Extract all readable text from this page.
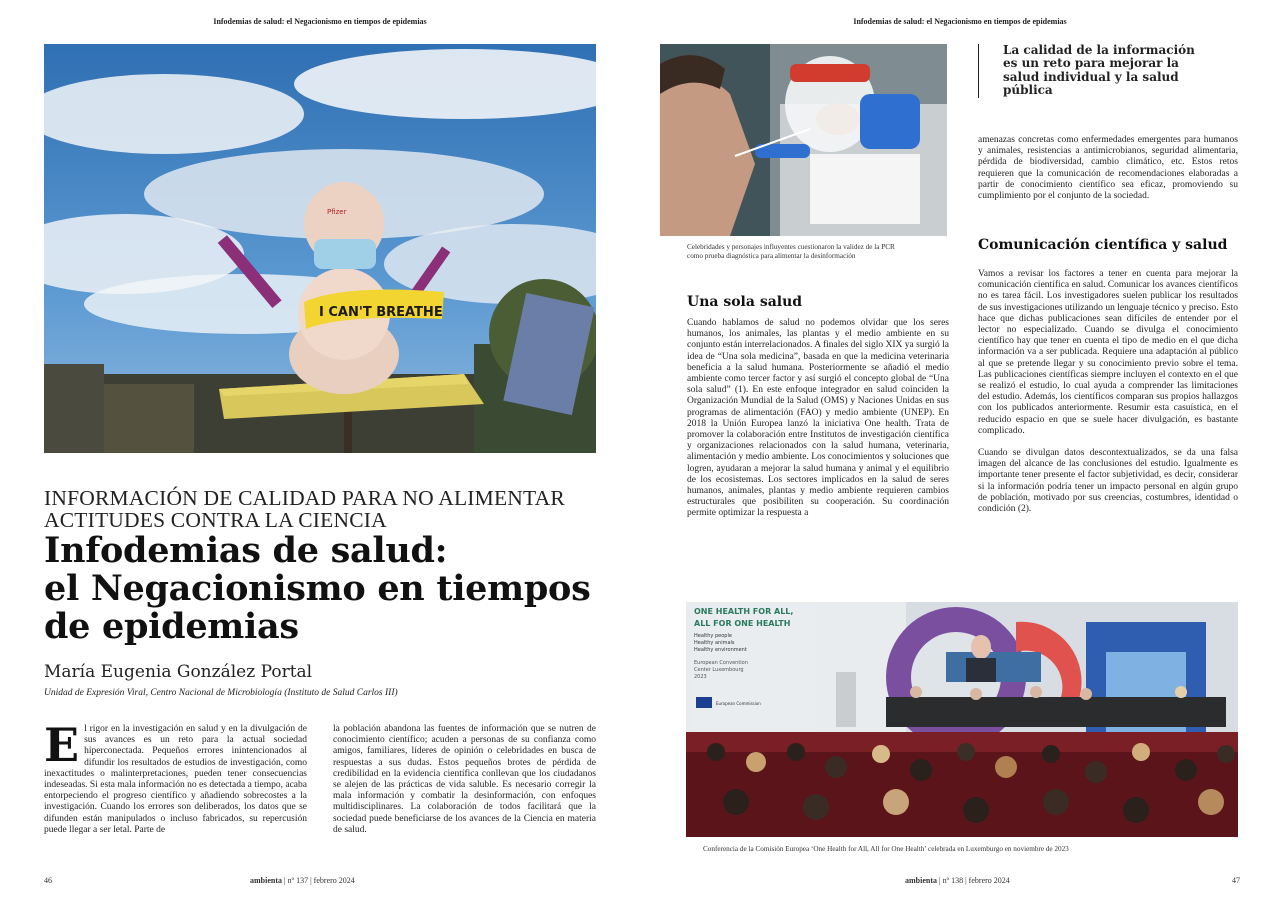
Infodemias de salud: el Negacionismo en tiempos de epidemias
I CAN'T BREATHE
Pfizer
INFORMACIÓN DE CALIDAD PARA NO ALIMENTAR ACTITUDES CONTRA LA CIENCIA
Infodemias de salud:
el Negacionismo en tiempos
de epidemias
María Eugenia González Portal
Unidad de Expresión Viral, Centro Nacional de Microbiología (Instituto de Salud Carlos III)
E l rigor en la investigación en salud y en la divulgación de sus avances es un reto para la actual sociedad hiperconectada. Pequeños errores inintencionados al difundir los resultados de estudios de investigación, como inexactitudes o malinterpretaciones, pueden tener consecuencias indeseadas. Si esta mala información no es detectada a tiempo, acaba entorpeciendo el progreso científico y añadiendo sobrecostes a la investigación. Cuando los errores son deliberados, los datos que se difunden están manipulados o incluso fabricados, su repercusión puede llegar a ser letal. Parte de
la población abandona las fuentes de información que se nutren de conocimiento científico; acuden a personas de su confianza como amigos, familiares, líderes de opinión o celebridades en busca de respuestas a sus dudas. Estos pequeños brotes de pérdida de credibilidad en la evidencia científica conllevan que los ciudadanos se alejen de las prácticas de vida saluble. Es necesario corregir la mala información y combatir la desinformación, con enfoques multidisciplinares. La colaboración de todos facilitará que la sociedad puede beneficiarse de los avances de la Ciencia en materia de salud.
46	ambienta | nº 137 | febrero 2024
Infodemias de salud: el Negacionismo en tiempos de epidemias
Celebridades y personajes influyentes cuestionaron la validez de la PCR como prueba diagnóstica para alimentar la desinformación
La calidad de la información es un reto para mejorar la salud individual y la salud pública
amenazas concretas como enfermedades emergentes para humanos y animales, resistencias a antimicrobianos, seguridad alimentaria, pérdida de biodiversidad, cambio climático, etc. Estos retos requieren que la comunicación de recomendaciones elaboradas a partir de conocimiento científico sea eficaz, promoviendo su cumplimiento por el conjunto de la sociedad.
Comunicación científica y salud
Vamos a revisar los factores a tener en cuenta para mejorar la comunicación científica en salud. Comunicar los avances científicos no es tarea fácil. Los investigadores suelen publicar los resultados de sus investigaciones utilizando un lenguaje técnico y preciso. Esto hace que dichas publicaciones sean difíciles de entender por el lector no especializado. Cuando se divulga el conocimiento científico hay que tener en cuenta el tipo de medio en el que dicha información va a ser publicada. Requiere una adaptación al público al que se pretende llegar y su conocimiento previo sobre el tema. Las publicaciones científicas siempre incluyen el contexto en el que se realizó el estudio, lo cual ayuda a comprender las limitaciones del estudio. Además, los científicos comparan sus propios hallazgos con los publicados anteriormente. Resumir esta casuística, en el reducido espacio en que se suele hacer divulgación, es bastante complicado.
Cuando se divulgan datos descontextualizados, se da una falsa imagen del alcance de las conclusiones del estudio. Igualmente es importante tener presente el factor subjetividad, es decir, considerar si la información podría tener un impacto personal en algún grupo de población, motivado por sus creencias, costumbres, identidad o condición (2).
Una sola salud
Cuando hablamos de salud no podemos olvidar que los seres humanos, los animales, las plantas y el medio ambiente en su conjunto están interrelacionados. A finales del siglo XIX ya surgió la idea de “Una sola medicina”, basada en que la medicina veterinaria beneficia a la salud humana. Posteriormente se añadió el medio ambiente como tercer factor y así surgió el concepto global de “Una sola salud” (1). En este enfoque integrador en salud coinciden la Organización Mundial de la Salud (OMS) y Naciones Unidas en sus programas de alimentación (FAO) y medio ambiente (UNEP). En 2018 la Unión Europea lanzó la iniciativa One health. Trata de promover la colaboración entre Institutos de investigación científica y organizaciones relacionados con la salud humana, veterinaria, alimentación y medio ambiente. Los conocimientos y soluciones que logren, ayudaran a mejorar la salud humana y animal y el equilibrio de los ecosistemas. Los sectores implicados en la salud de seres humanos, animales, plantas y medio ambiente requieren cambios estructurales que posibiliten su cooperación. Su coordinación permite optimizar la respuesta a
ONE HEALTH FOR ALL,
ALL FOR ONE HEALTH
Healthy people
Healthy animals
Healthy environment
European Convention
Center Luxembourg
2023
European Commission
Conferencia de la Comisión Europea ‘One Health for All, All for One Health’ celebrada en Luxemburgo en noviembre de 2023
ambienta | nº 138 | febrero 2024	47
